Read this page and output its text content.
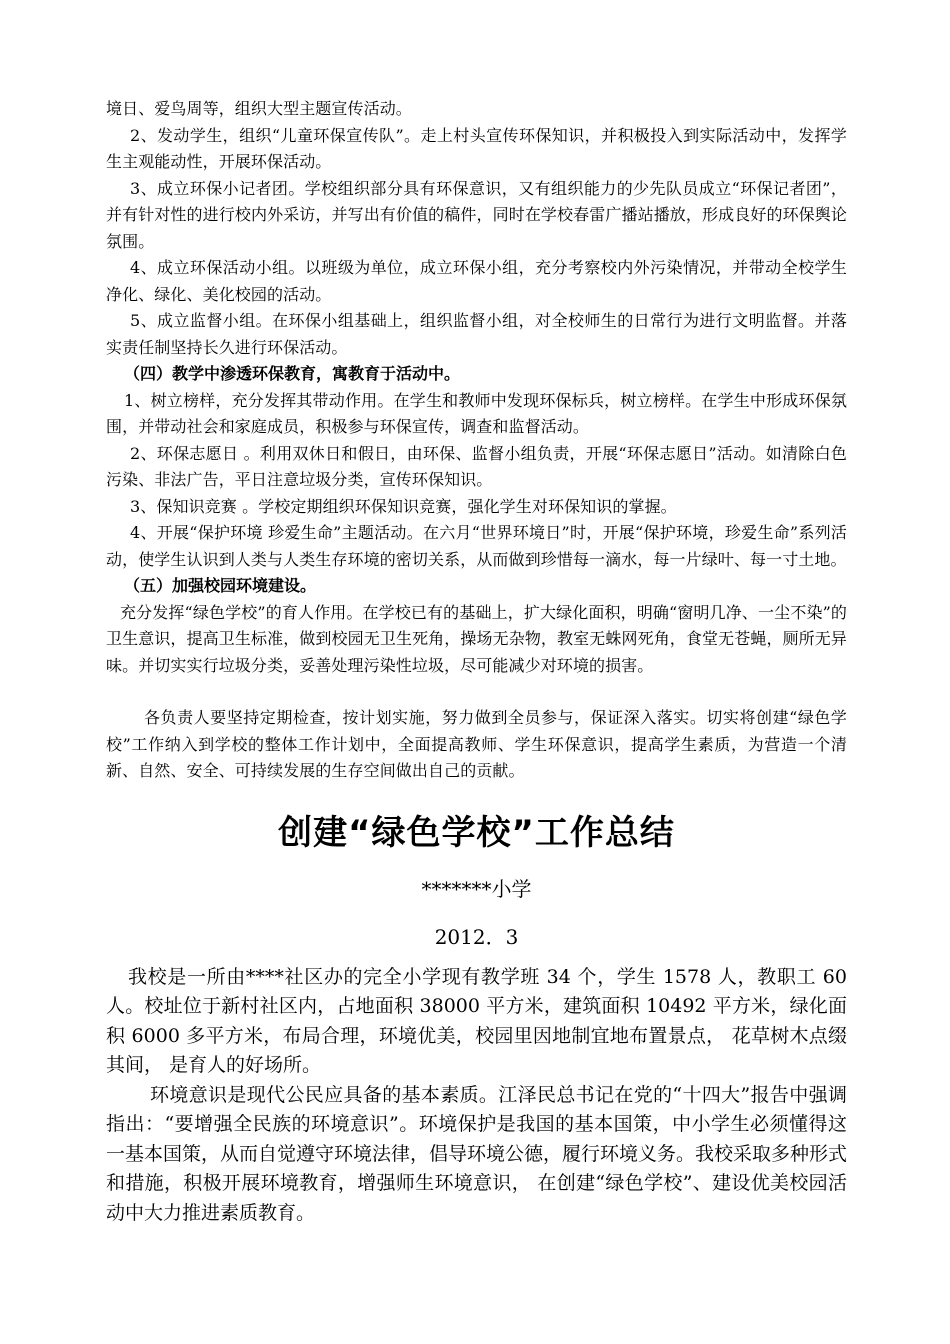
境日、爱鸟周等，组织大型主题宣传活动。

2、发动学生，组织“儿童环保宣传队”。走上村头宣传环保知识，并积极投入到实际活动中，发挥学生主观能动性，开展环保活动。

3、成立环保小记者团。学校组织部分具有环保意识，又有组织能力的少先队员成立“环保记者团”，并有针对性的进行校内外采访，并写出有价值的稿件，同时在学校春雷广播站播放，形成良好的环保舆论氛围。

4、成立环保活动小组。以班级为单位，成立环保小组，充分考察校内外污染情况，并带动全校学生净化、绿化、美化校园的活动。

5、成立监督小组。在环保小组基础上，组织监督小组，对全校师生的日常行为进行文明监督。并落实责任制坚持长久进行环保活动。

（四）教学中渗透环保教育，寓教育于活动中。

1、树立榜样，充分发挥其带动作用。在学生和教师中发现环保标兵，树立榜样。在学生中形成环保氛围，并带动社会和家庭成员，积极参与环保宣传，调查和监督活动。

2、环保志愿日 。利用双休日和假日，由环保、监督小组负责，开展“环保志愿日”活动。如清除白色污染、非法广告，平日注意垃圾分类，宣传环保知识。

3、保知识竞赛 。学校定期组织环保知识竞赛，强化学生对环保知识的掌握。

4、开展“保护环境 珍爱生命”主题活动。在六月“世界环境日”时，开展“保护环境，珍爱生命”系列活动，使学生认识到人类与人类生存环境的密切关系，从而做到珍惜每一滴水，每一片绿叶、每一寸土地。

（五）加强校园环境建设。

充分发挥“绿色学校”的育人作用。在学校已有的基础上，扩大绿化面积，明确“窗明几净、一尘不染”的卫生意识，提高卫生标准，做到校园无卫生死角，操场无杂物，教室无蛛网死角，食堂无苍蝇，厕所无异味。并切实实行垃圾分类，妥善处理污染性垃圾，尽可能减少对环境的损害。

各负责人要坚持定期检查，按计划实施，努力做到全员参与，保证深入落实。切实将创建“绿色学校”工作纳入到学校的整体工作计划中，全面提高教师、学生环保意识，提高学生素质，为营造一个清新、自然、安全、可持续发展的生存空间做出自己的贡献。

创建“绿色学校”工作总结
*******小学
2012．3

我校是一所由****社区办的完全小学现有教学班 34 个，学生 1578 人，教职工 60 人。校址位于新村社区内，占地面积 38000 平方米，建筑面积 10492 平方米，绿化面积 6000 多平方米，布局合理，环境优美，校园里因地制宜地布置景点， 花草树木点缀其间， 是育人的好场所。

环境意识是现代公民应具备的基本素质。江泽民总书记在党的“十四大”报告中强调指出：“要增强全民族的环境意识”。环境保护是我国的基本国策，中小学生必须懂得这一基本国策，从而自觉遵守环境法律，倡导环境公德，履行环境义务。我校采取多种形式和措施，积极开展环境教育，增强师生环境意识， 在创建“绿色学校”、建设优美校园活动中大力推进素质教育。
